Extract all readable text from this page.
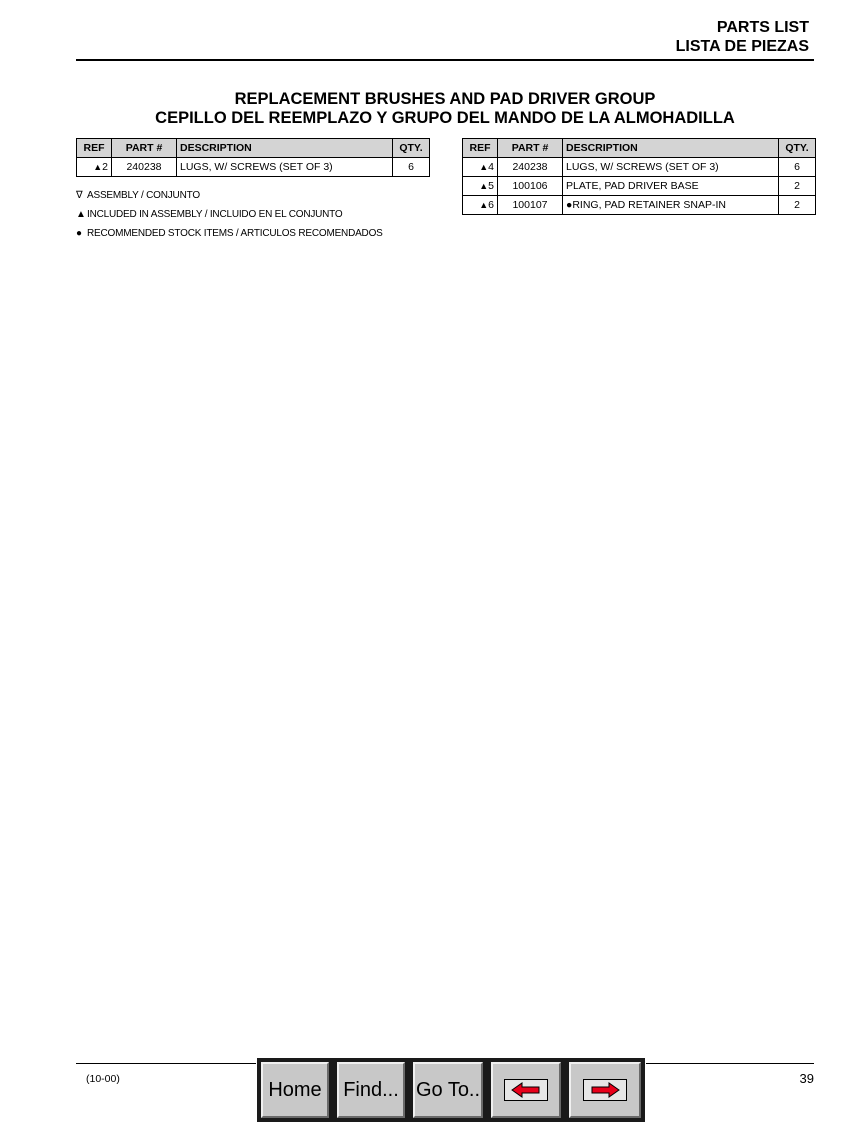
PARTS LIST
LISTA DE PIEZAS
REPLACEMENT BRUSHES AND PAD DRIVER GROUP
CEPILLO DEL REEMPLAZO Y GRUPO DEL MANDO DE LA ALMOHADILLA
REF	PART #	DESCRIPTION	QTY.
▲2	240238	LUGS, W/ SCREWS (SET OF 3)	6
REF	PART #	DESCRIPTION	QTY.
▲4	240238	LUGS, W/ SCREWS (SET OF 3)	6
▲5	100106	PLATE, PAD DRIVER BASE	2
▲6	100107	●RING, PAD RETAINER SNAP-IN	2
∇ ASSEMBLY / CONJUNTO
▲INCLUDED IN ASSEMBLY / INCLUIDO EN EL CONJUNTO
● RECOMMENDED STOCK ITEMS / ARTICULOS RECOMENDADOS
(10-00)	39
Home	Find... Go To..
